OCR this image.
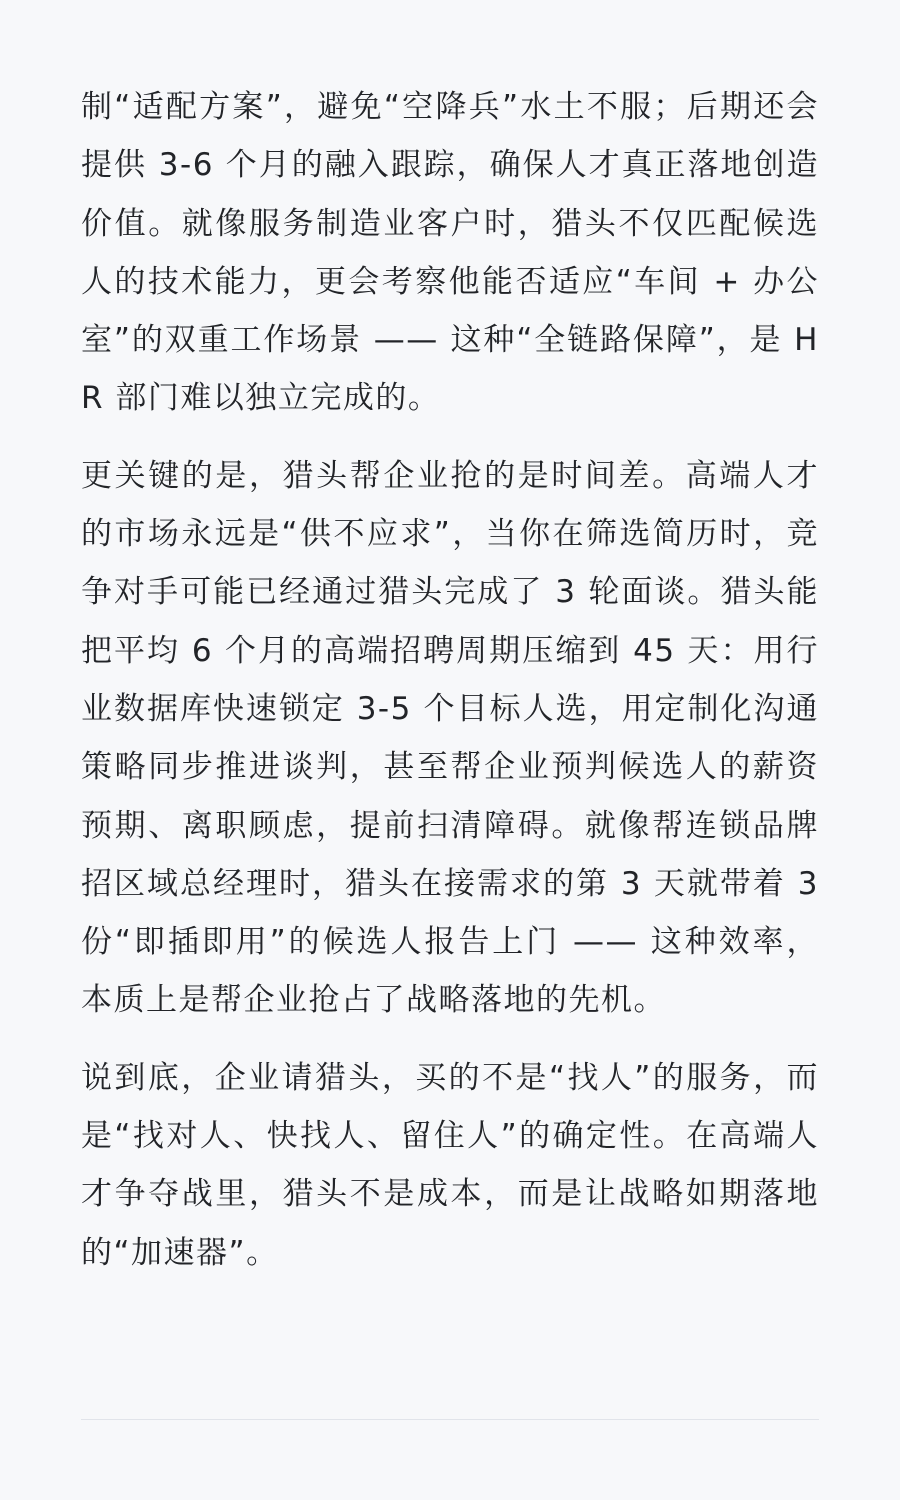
制“适配方案”，避免“空降兵”水土不服；后期还会提供 3-6 个月的融入跟踪，确保人才真正落地创造价值。就像服务制造业客户时，猎头不仅匹配候选人的技术能力，更会考察他能否适应“车间 + 办公室”的双重工作场景 —— 这种“全链路保障”，是 HR 部门难以独立完成的。

更关键的是，猎头帮企业抢的是时间差。高端人才的市场永远是“供不应求”，当你在筛选简历时，竞争对手可能已经通过猎头完成了 3 轮面谈。猎头能把平均 6 个月的高端招聘周期压缩到 45 天：用行业数据库快速锁定 3-5 个目标人选，用定制化沟通策略同步推进谈判，甚至帮企业预判候选人的薪资预期、离职顾虑，提前扫清障碍。就像帮连锁品牌招区域总经理时，猎头在接需求的第 3 天就带着 3 份“即插即用”的候选人报告上门 —— 这种效率，本质上是帮企业抢占了战略落地的先机。

说到底，企业请猎头，买的不是“找人”的服务，而是“找对人、快找人、留住人”的确定性。在高端人才争夺战里，猎头不是成本，而是让战略如期落地的“加速器”。
